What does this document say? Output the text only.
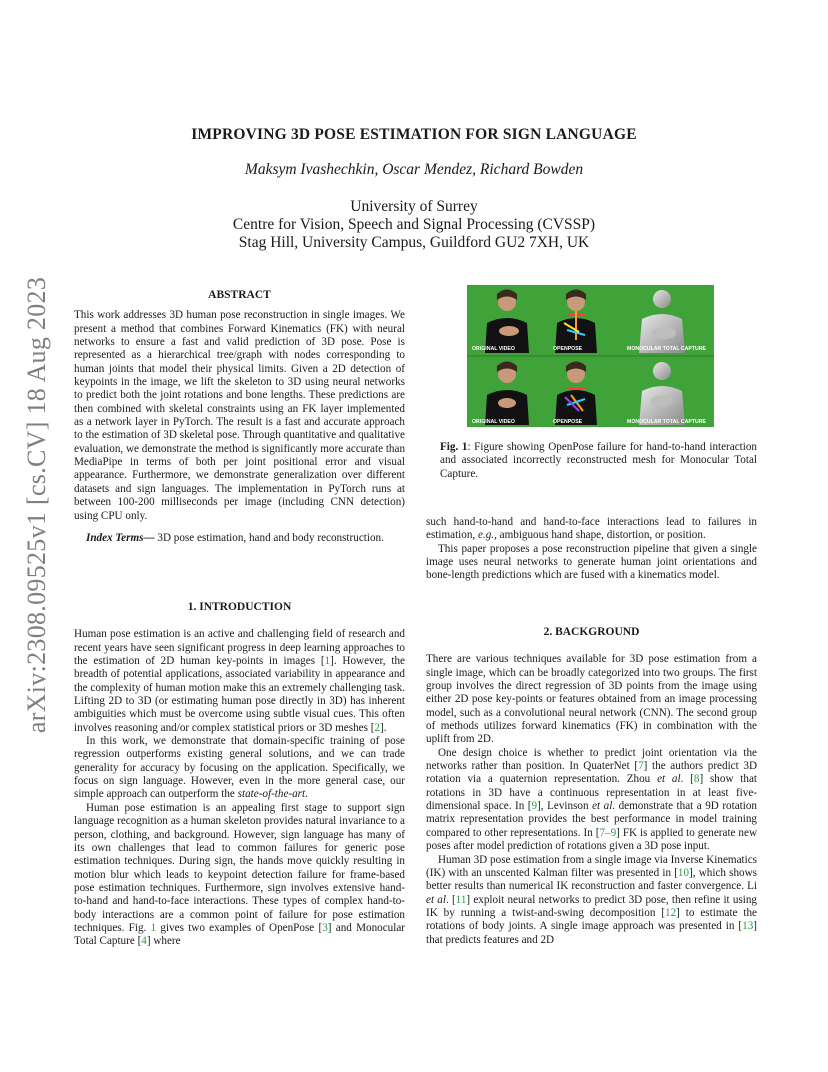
arXiv:2308.09525v1 [cs.CV] 18 Aug 2023
IMPROVING 3D POSE ESTIMATION FOR SIGN LANGUAGE
Maksym Ivashechkin, Oscar Mendez, Richard Bowden
University of Surrey
Centre for Vision, Speech and Signal Processing (CVSSP)
Stag Hill, University Campus, Guildford GU2 7XH, UK
ABSTRACT

This work addresses 3D human pose reconstruction in single images. We present a method that combines Forward Kinematics (FK) with neural networks to ensure a fast and valid prediction of 3D pose. Pose is represented as a hierarchical tree/graph with nodes corresponding to human joints that model their physical limits. Given a 2D detection of keypoints in the image, we lift the skeleton to 3D using neural networks to predict both the joint rotations and bone lengths. These predictions are then combined with skeletal constraints using an FK layer implemented as a network layer in PyTorch. The result is a fast and accurate approach to the estimation of 3D skeletal pose. Through quantitative and qualitative evaluation, we demonstrate the method is significantly more accurate than MediaPipe in terms of both per joint positional error and visual appearance. Furthermore, we demonstrate generalization over different datasets and sign languages. The implementation in PyTorch runs at between 100-200 milliseconds per image (including CNN detection) using CPU only.

Index Terms— 3D pose estimation, hand and body reconstruction.

1. INTRODUCTION

Human pose estimation is an active and challenging field of research and recent years have seen significant progress in deep learning approaches to the estimation of 2D human key-points in images [1]. However, the breadth of potential applications, associated variability in appearance and the complexity of human motion make this an extremely challenging task. Lifting 2D to 3D (or estimating human pose directly in 3D) has inherent ambiguities which must be overcome using subtle visual cues. This often involves reasoning and/or complex statistical priors or 3D meshes [2].

In this work, we demonstrate that domain-specific training of pose regression outperforms existing general solutions, and we can trade generality for accuracy by focusing on the application. Specifically, we focus on sign language. However, even in the more general case, our simple approach can outperform the state-of-the-art.

Human pose estimation is an appealing first stage to support sign language recognition as a human skeleton provides natural invariance to a person, clothing, and background. However, sign language has many of its own challenges that lead to common failures for generic pose estimation techniques. During sign, the hands move quickly resulting in motion blur which leads to keypoint detection failure for frame-based pose estimation techniques. Furthermore, sign involves extensive hand-to-hand and hand-to-face interactions. These types of complex hand-to-body interactions are a common point of failure for pose estimation techniques. Fig. 1 gives two examples of OpenPose [3] and Monocular Total Capture [4] where

ORIGINAL VIDEO	OPENPOSE	MONOCULAR TOTAL CAPTURE
ORIGINAL VIDEO	OPENPOSE	MONOCULAR TOTAL CAPTURE
Fig. 1: Figure showing OpenPose failure for hand-to-hand interaction and associated incorrectly reconstructed mesh for Monocular Total Capture.

such hand-to-hand and hand-to-face interactions lead to failures in estimation, e.g., ambiguous hand shape, distortion, or position.

This paper proposes a pose reconstruction pipeline that given a single image uses neural networks to generate human joint orientations and bone-length predictions which are fused with a kinematics model.

2. BACKGROUND

There are various techniques available for 3D pose estimation from a single image, which can be broadly categorized into two groups. The first group involves the direct regression of 3D points from the image using either 2D pose key-points or features obtained from an image processing model, such as a convolutional neural network (CNN). The second group of methods utilizes forward kinematics (FK) in combination with the uplift from 2D.

One design choice is whether to predict joint orientation via the networks rather than position. In QuaterNet [7] the authors predict 3D rotation via a quaternion representation. Zhou et al. [8] show that rotations in 3D have a continuous representation in at least five-dimensional space. In [9], Levinson et al. demonstrate that a 9D rotation matrix representation provides the best performance in model training compared to other representations. In [7–9] FK is applied to generate new poses after model prediction of rotations given a 3D pose input.

Human 3D pose estimation from a single image via Inverse Kinematics (IK) with an unscented Kalman filter was presented in [10], which shows better results than numerical IK reconstruction and faster convergence. Li et al. [11] exploit neural networks to predict 3D pose, then refine it using IK by running a twist-and-swing decomposition [12] to estimate the rotations of body joints. A single image approach was presented in [13] that predicts features and 2D
